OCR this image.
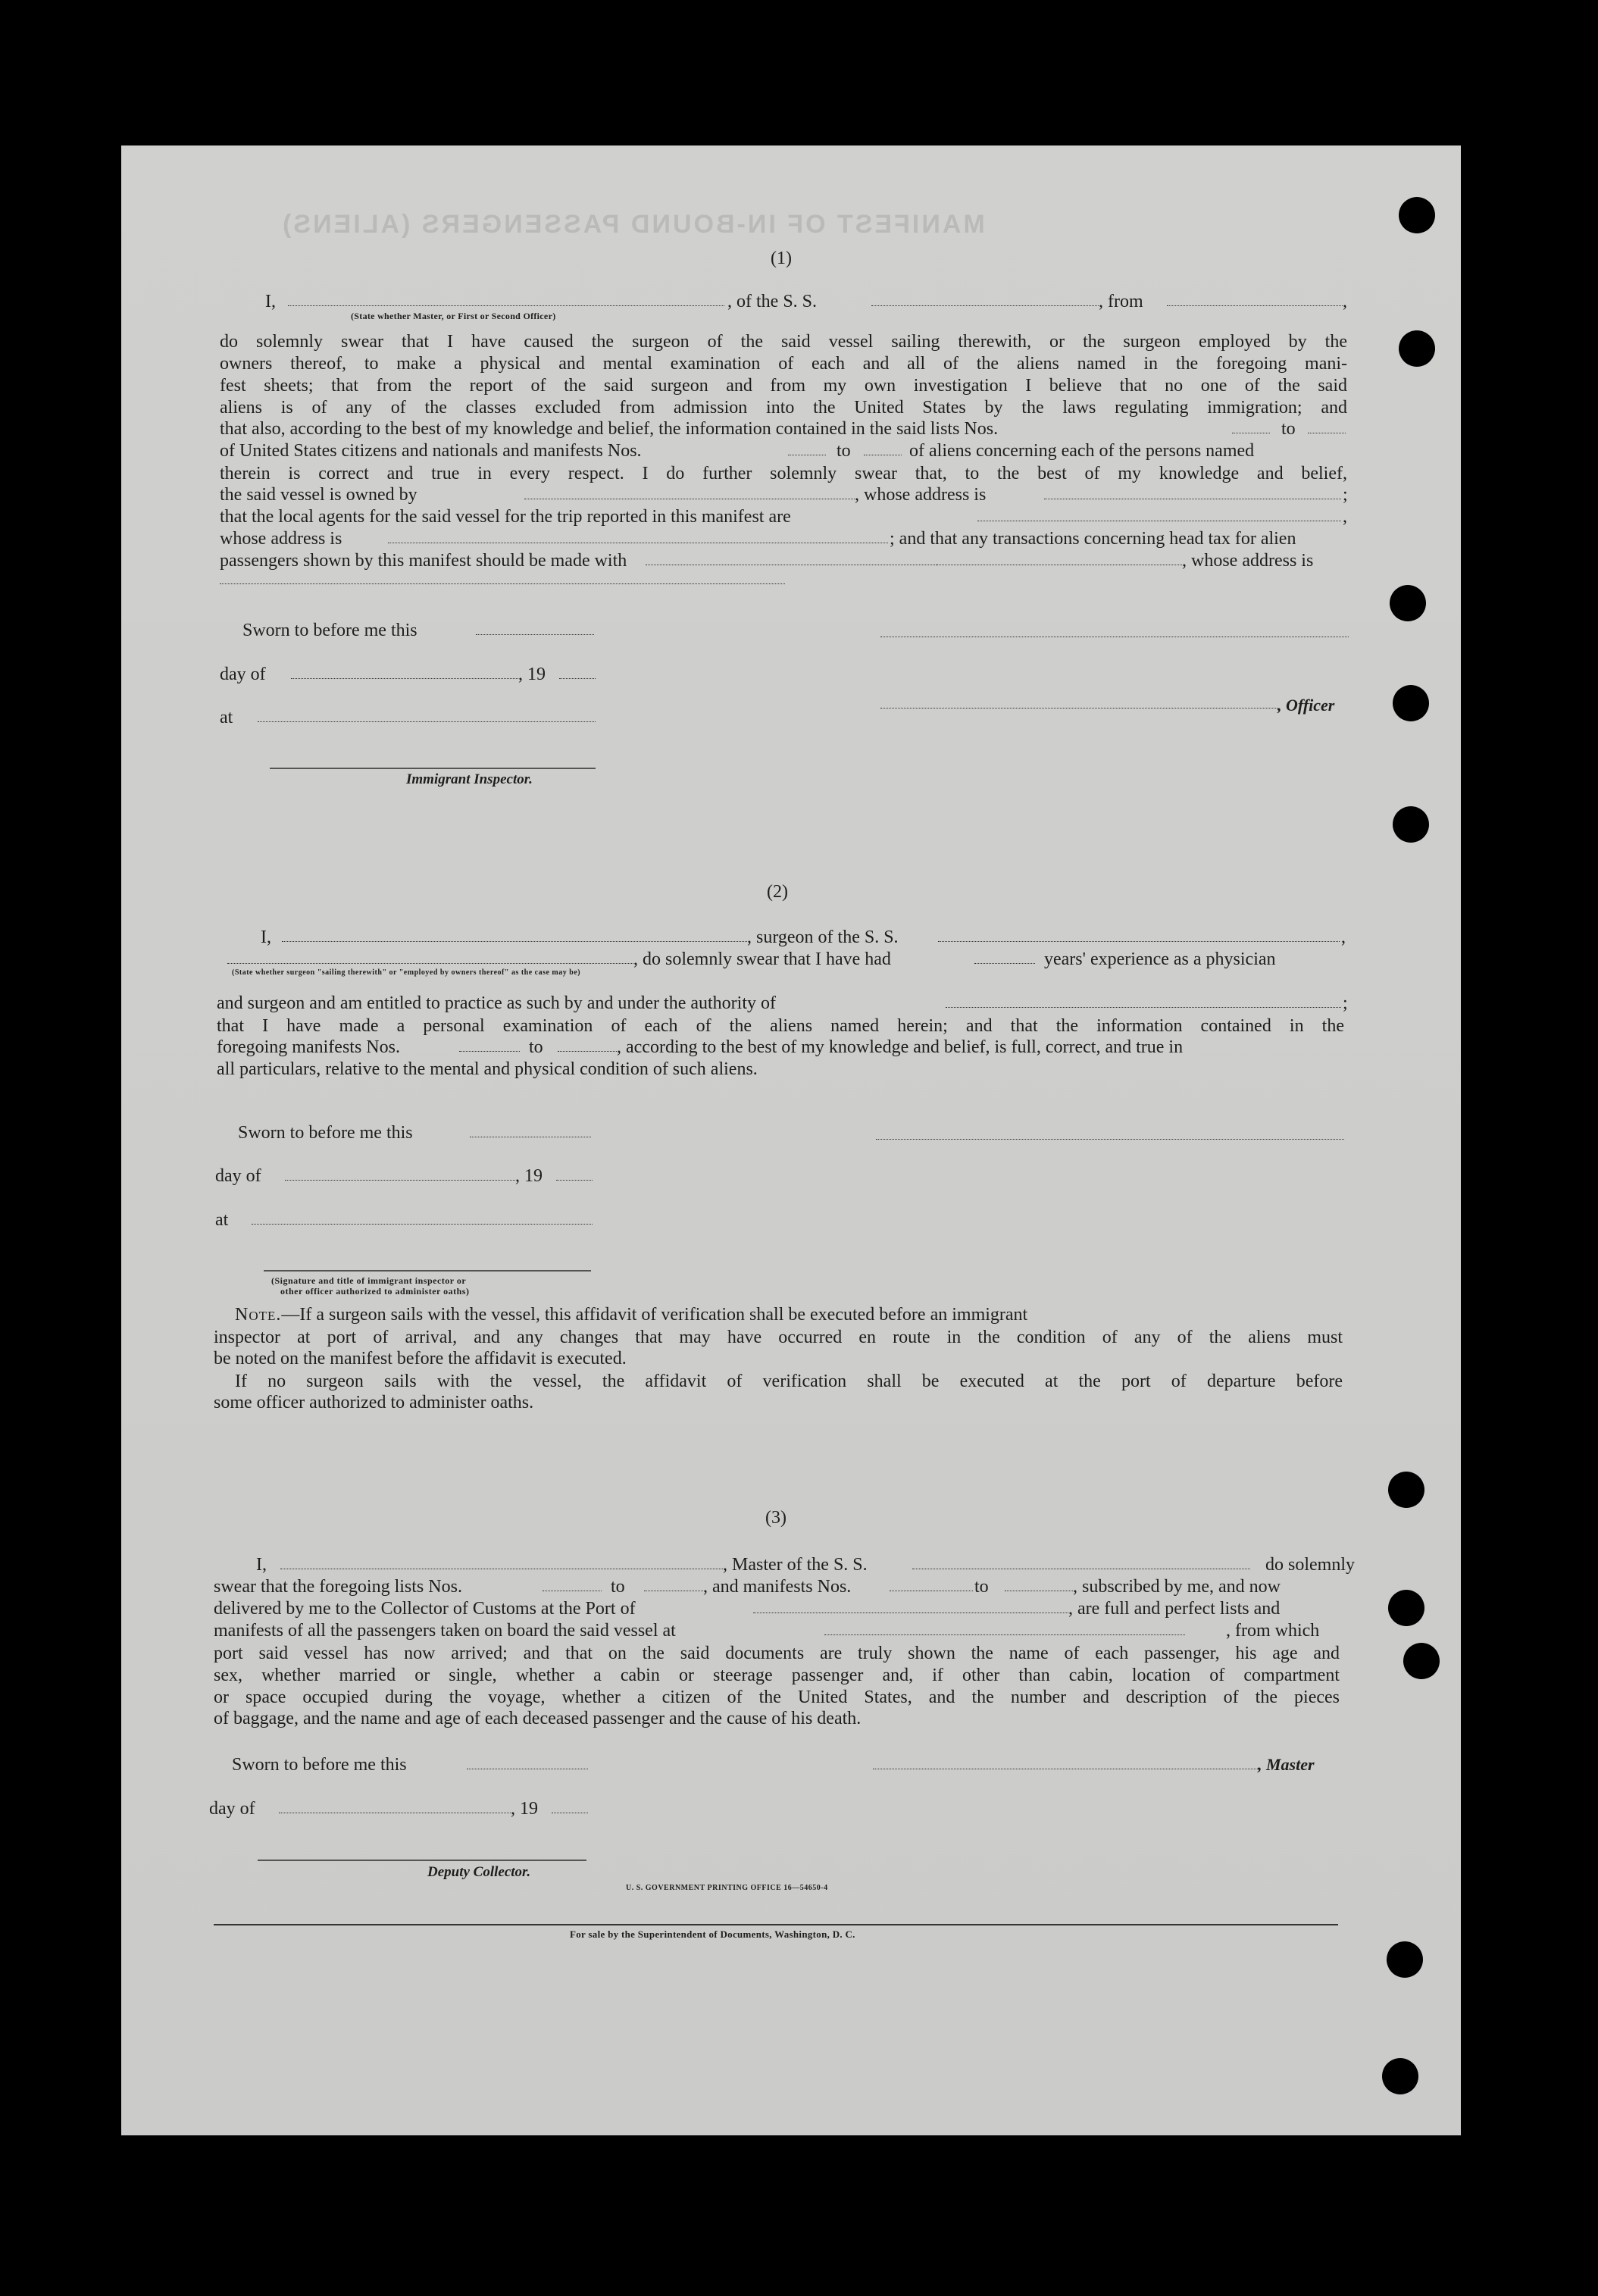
MANIFEST OF IN-BOUND PASSENGERS (ALIENS)
(1)
I,	, of the S. S.	, from	,
(State whether Master, or First or Second Officer)
do solemnly swear that I have caused the surgeon of the said vessel sailing therewith, or the surgeon employed by the
owners thereof, to make a physical and mental examination of each and all of the aliens named in the foregoing mani-
fest sheets; that from the report of the said surgeon and from my own investigation I believe that no one of the said
aliens is of any of the classes excluded from admission into the United States by the laws regulating immigration; and
that also, according to the best of my knowledge and belief, the information contained in the said lists Nos.	to
of United States citizens and nationals and manifests Nos.	to	of aliens concerning each of the persons named
therein is correct and true in every respect. I do further solemnly swear that, to the best of my knowledge and belief,
the said vessel is owned by	, whose address is	;
that the local agents for the said vessel for the trip reported in this manifest are	,
whose address is	; and that any transactions concerning head tax for alien
passengers shown by this manifest should be made with	, whose address is
Sworn to before me this
day of	, 19
, Officer
at
Immigrant Inspector.
(2)
I,	, surgeon of the S. S.	,
, do solemnly swear that I have had	years' experience as a physician
(State whether surgeon "sailing therewith" or "employed by owners thereof" as the case may be)
and surgeon and am entitled to practice as such by and under the authority of	;
that I have made a personal examination of each of the aliens named herein; and that the information contained in the
foregoing manifests Nos.	to	, according to the best of my knowledge and belief, is full, correct, and true in
all particulars, relative to the mental and physical condition of such aliens.
Sworn to before me this
day of	, 19
at
(Signature and title of immigrant inspector or
other officer authorized to administer oaths)
Note.—If a surgeon sails with the vessel, this affidavit of verification shall be executed before an immigrant
inspector at port of arrival, and any changes that may have occurred en route in the condition of any of the aliens must
be noted on the manifest before the affidavit is executed.
If no surgeon sails with the vessel, the affidavit of verification shall be executed at the port of departure before
some officer authorized to administer oaths.
(3)
I,	, Master of the S. S.	do solemnly
swear that the foregoing lists Nos.	to	, and manifests Nos.	to	, subscribed by me, and now
delivered by me to the Collector of Customs at the Port of	, are full and perfect lists and
manifests of all the passengers taken on board the said vessel at	, from which
port said vessel has now arrived; and that on the said documents are truly shown the name of each passenger, his age and
sex, whether married or single, whether a cabin or steerage passenger and, if other than cabin, location of compartment
or space occupied during the voyage, whether a citizen of the United States, and the number and description of the pieces
of baggage, and the name and age of each deceased passenger and the cause of his death.
Sworn to before me this	, Master
day of	, 19
Deputy Collector.
U. S. GOVERNMENT PRINTING OFFICE 16—54650-4
For sale by the Superintendent of Documents, Washington, D. C.
